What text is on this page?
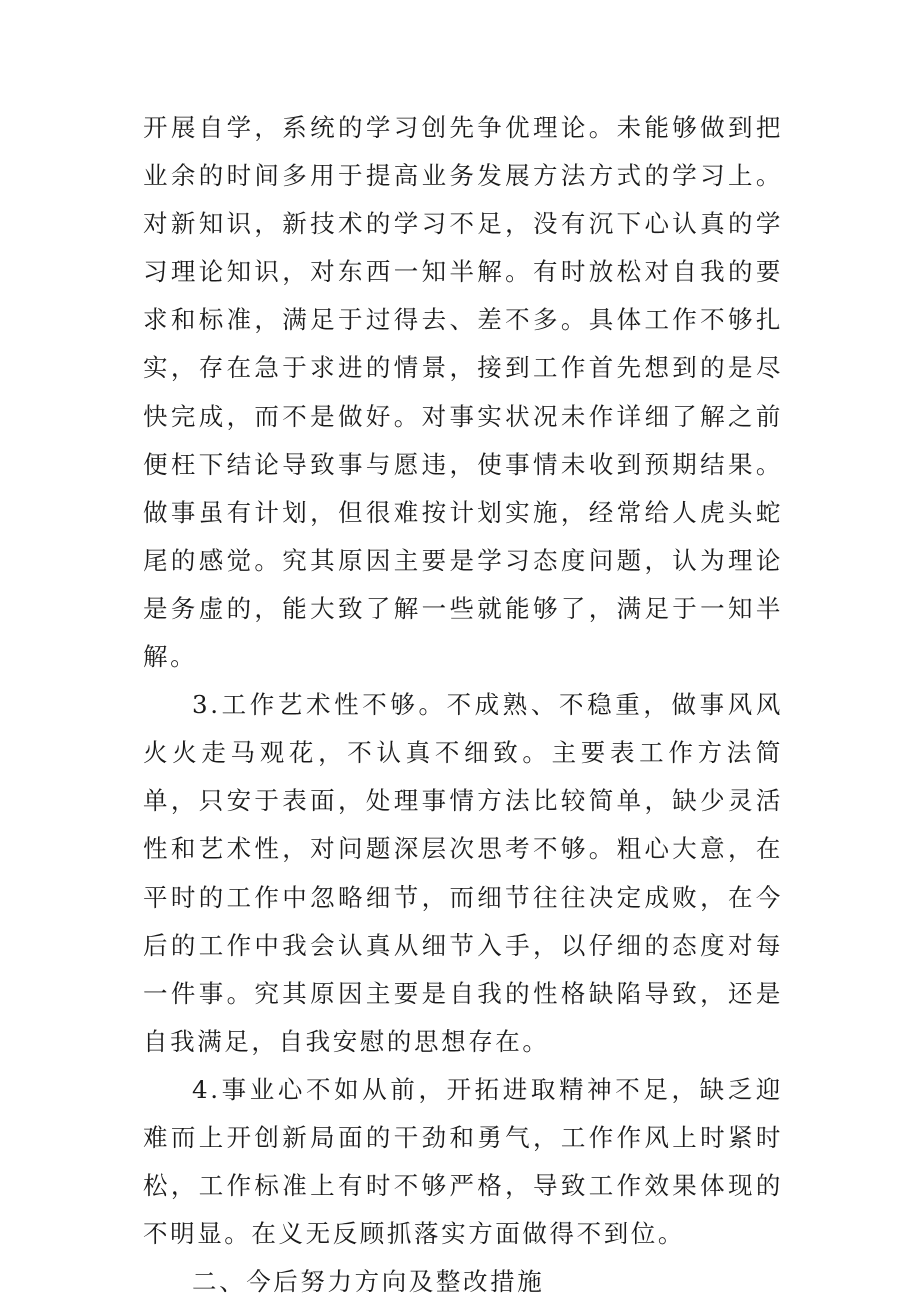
开展自学，系统的学习创先争优理论。未能够做到把业余的时间多用于提高业务发展方法方式的学习上。对新知识，新技术的学习不足，没有沉下心认真的学习理论知识，对东西一知半解。有时放松对自我的要求和标准，满足于过得去、差不多。具体工作不够扎实，存在急于求进的情景，接到工作首先想到的是尽快完成，而不是做好。对事实状况未作详细了解之前便枉下结论导致事与愿违，使事情未收到预期结果。做事虽有计划，但很难按计划实施，经常给人虎头蛇尾的感觉。究其原因主要是学习态度问题，认为理论是务虚的，能大致了解一些就能够了，满足于一知半解。

3.工作艺术性不够。不成熟、不稳重，做事风风火火走马观花，不认真不细致。主要表工作方法简单，只安于表面，处理事情方法比较简单，缺少灵活性和艺术性，对问题深层次思考不够。粗心大意，在平时的工作中忽略细节，而细节往往决定成败，在今后的工作中我会认真从细节入手，以仔细的态度对每一件事。究其原因主要是自我的性格缺陷导致，还是自我满足，自我安慰的思想存在。

4.事业心不如从前，开拓进取精神不足，缺乏迎难而上开创新局面的干劲和勇气，工作作风上时紧时松，工作标准上有时不够严格，导致工作效果体现的不明显。在义无反顾抓落实方面做得不到位。

二、今后努力方向及整改措施
